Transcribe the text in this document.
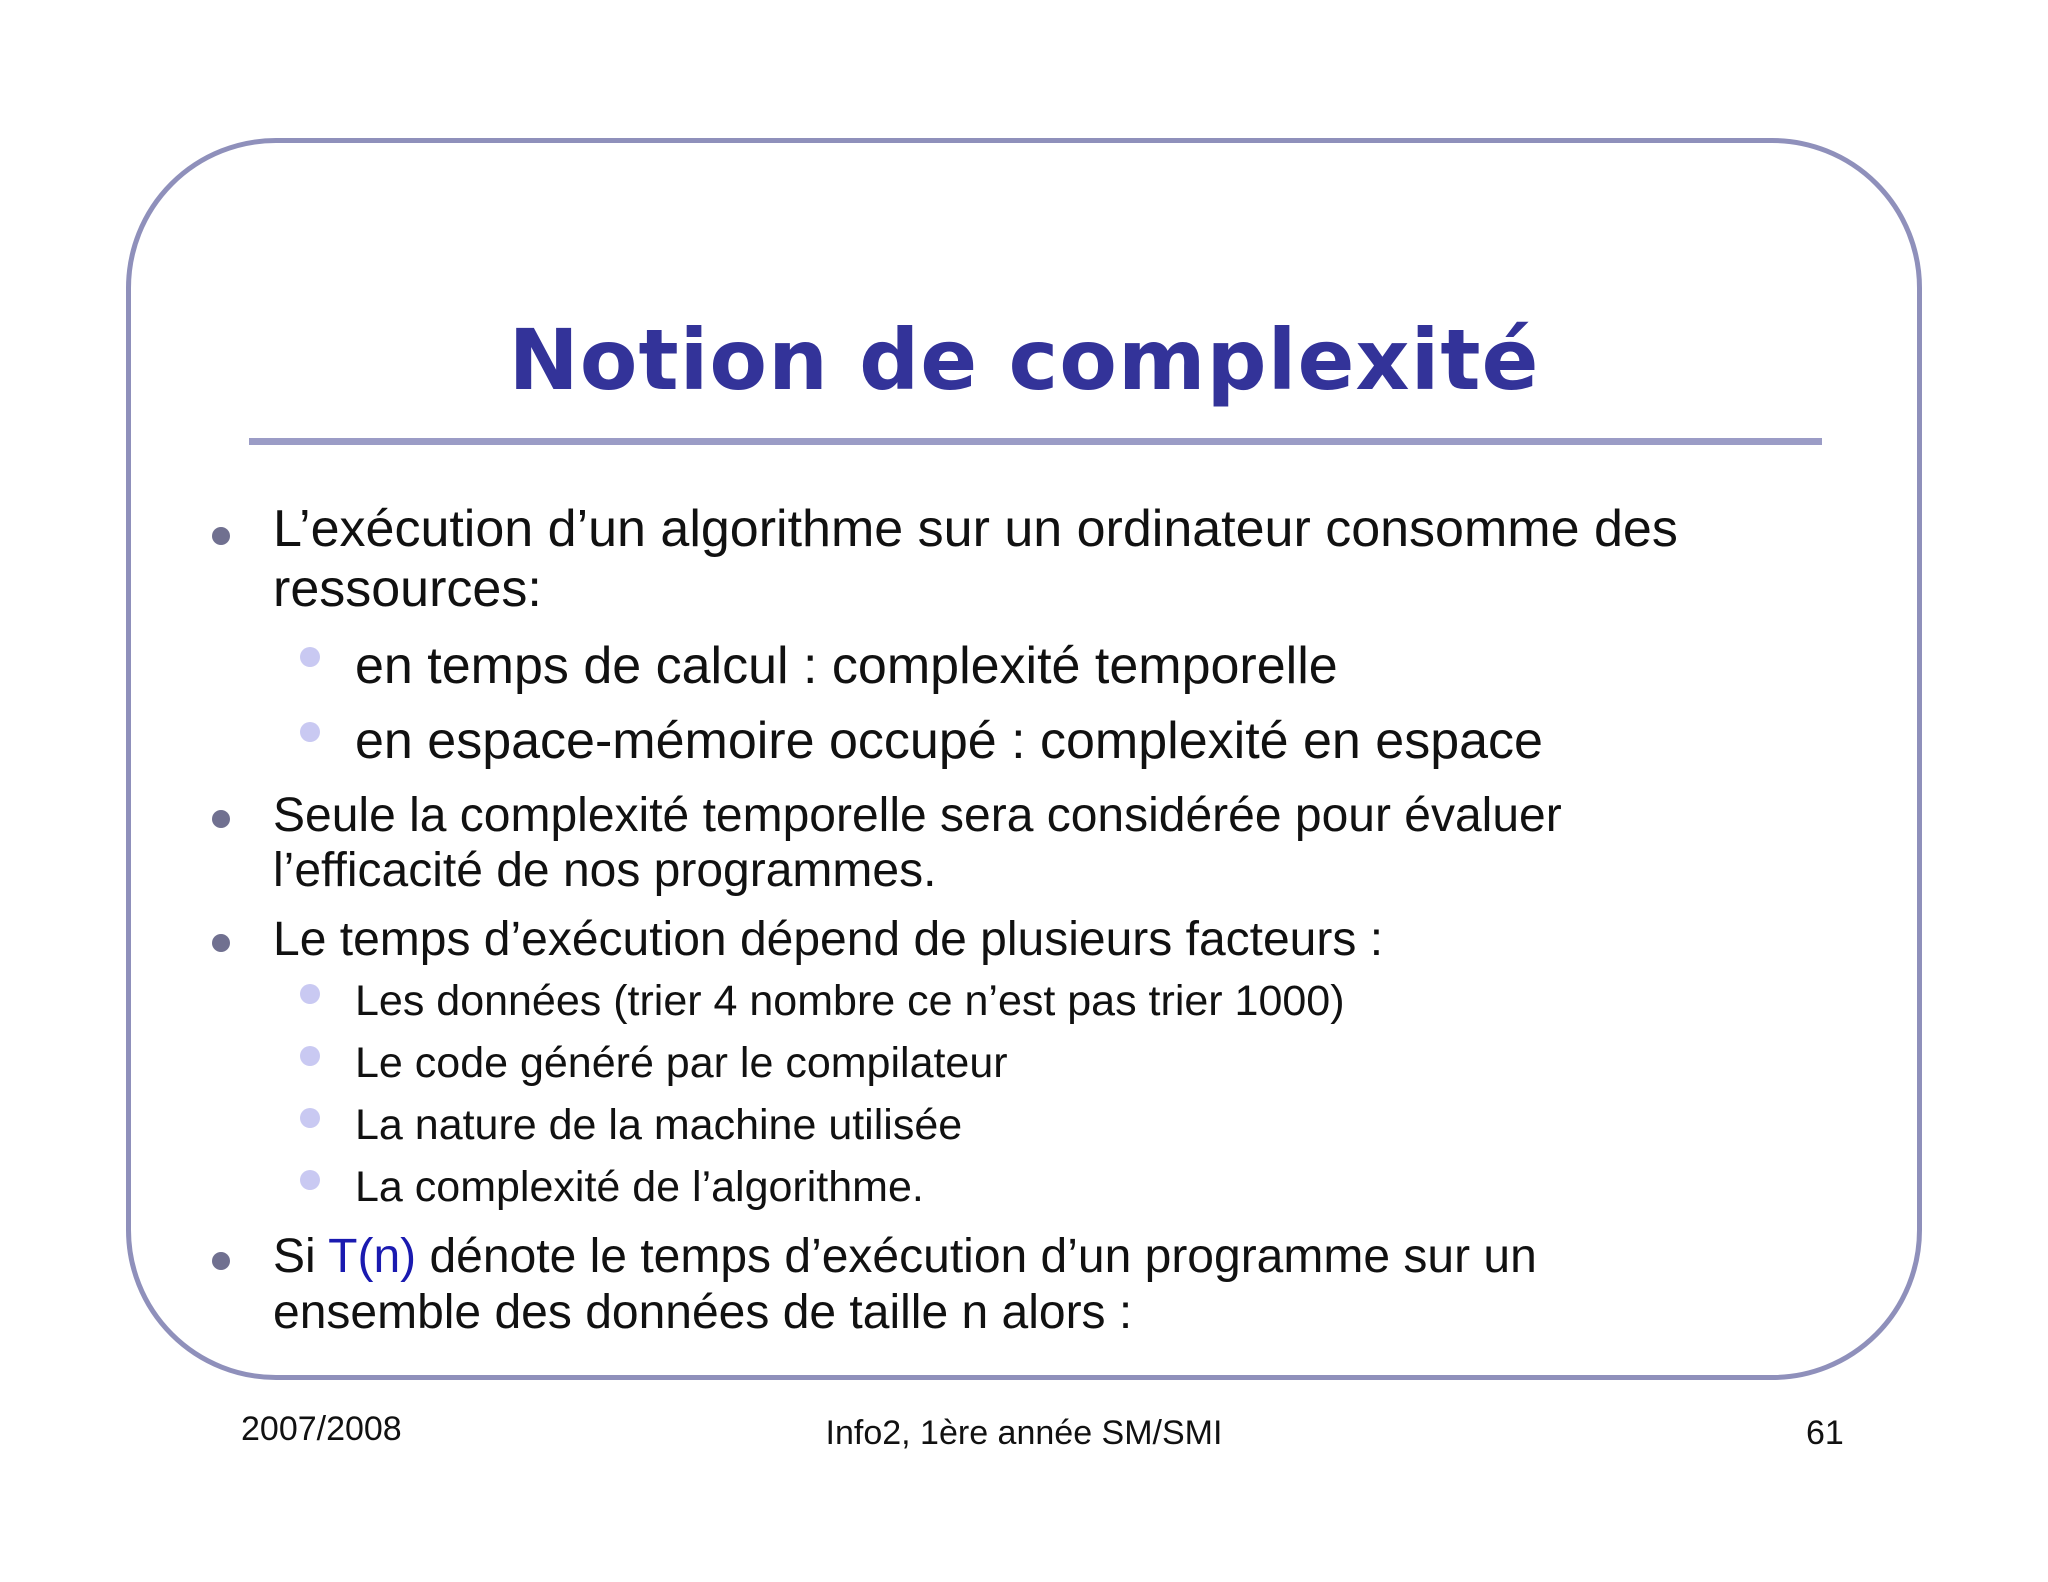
Notion de complexité
L’exécution d’un algorithme sur un ordinateur consomme des
ressources:
en temps de calcul : complexité temporelle
en espace-mémoire occupé : complexité en espace
Seule la complexité temporelle sera considérée pour évaluer
l’efficacité de nos programmes.
Le temps d’exécution dépend de plusieurs facteurs :
Les données (trier 4 nombre ce n’est pas trier 1000)
Le code généré par le compilateur
La nature de la machine utilisée
La complexité de l’algorithme.
Si T(n) dénote le temps d’exécution d’un programme sur un
ensemble des données de taille n alors :
2007/2008	Info2, 1ère année SM/SMI	61
